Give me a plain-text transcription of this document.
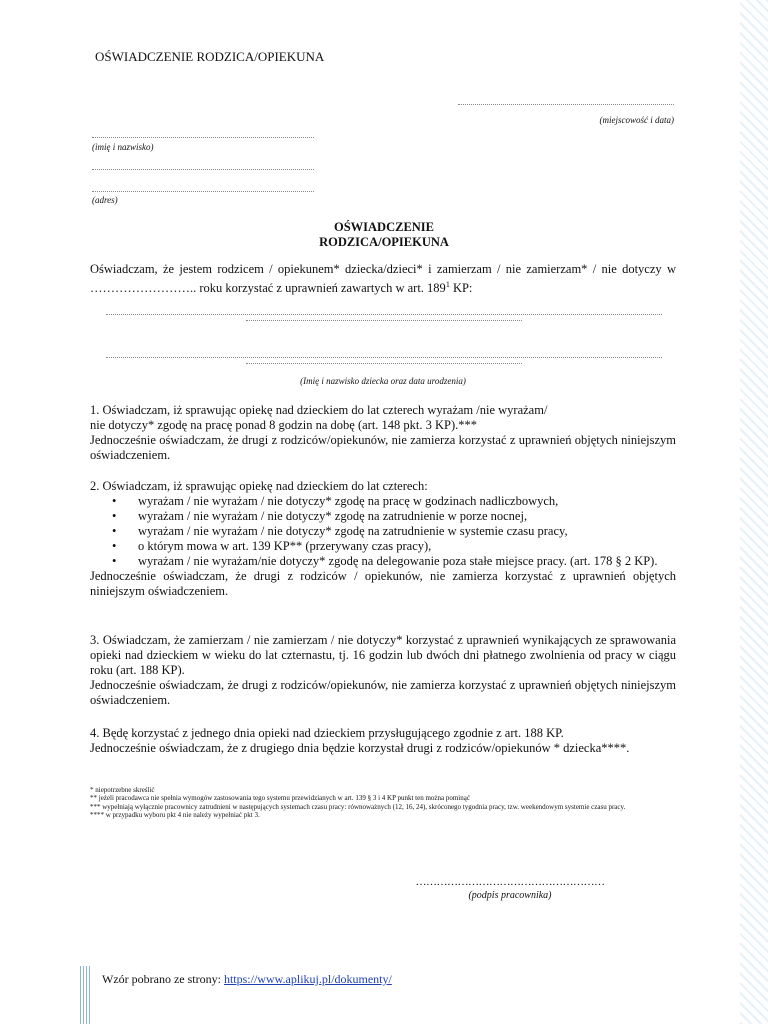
OŚWIADCZENIE RODZICA/OPIEKUNA
(miejscowość i data)
(imię i nazwisko)
(adres)
OŚWIADCZENIE
RODZICA/OPIEKUNA
Oświadczam, że jestem rodzicem / opiekunem* dziecka/dzieci* i zamierzam / nie zamierzam* / nie dotyczy w …………………….. roku korzystać z uprawnień zawartych w art. $189^1$ KP:
(Imię i nazwisko dziecka oraz data urodzenia)

1. Oświadczam, iż sprawując opiekę nad dzieckiem do lat czterech wyrażam /nie wyrażam/

nie dotyczy* zgodę na pracę ponad 8 godzin na dobę (art. 148 pkt. 3 KP).***

Jednocześnie oświadczam, że drugi z rodziców/opiekunów, nie zamierza korzystać z uprawnień objętych niniejszym oświadczeniem.

2. Oświadczam, iż sprawując opiekę nad dzieckiem do lat czterech:

• wyrażam / nie wyrażam / nie dotyczy* zgodę na pracę w godzinach nadliczbowych,
• wyrażam / nie wyrażam / nie dotyczy* zgodę na zatrudnienie w porze nocnej,
• wyrażam / nie wyrażam / nie dotyczy* zgodę na zatrudnienie w systemie czasu pracy,
• o którym mowa w art. 139 KP** (przerywany czas pracy),
• wyrażam / nie wyrażam/nie dotyczy* zgodę na delegowanie poza stałe miejsce pracy. (art. 178 § 2 KP).

Jednocześnie oświadczam, że drugi z rodziców / opiekunów, nie zamierza korzystać z uprawnień objętych niniejszym oświadczeniem.

3. Oświadczam, że zamierzam / nie zamierzam / nie dotyczy* korzystać z uprawnień wynikających ze sprawowania opieki nad dzieckiem w wieku do lat czternastu, tj. 16 godzin lub dwóch dni płatnego zwolnienia od pracy w ciągu roku (art. 188 KP).

Jednocześnie oświadczam, że drugi z rodziców/opiekunów, nie zamierza korzystać z uprawnień objętych niniejszym oświadczeniem.

4. Będę korzystać z jednego dnia opieki nad dzieckiem przysługującego zgodnie z art. 188 KP.

Jednocześnie oświadczam, że z drugiego dnia będzie korzystał drugi z rodziców/opiekunów * dziecka****.

* niepotrzebne skreślić
** jeżeli pracodawca nie spełnia wymogów zastosowania tego systemu przewidzianych w art. 139 § 3 i 4 KP punkt ten można pominąć
*** wypełniają wyłącznie pracownicy zatrudnieni w następujących systemach czasu pracy: równoważnych (12, 16, 24), skróconego tygodnia pracy, tzw. weekendowym systemie czasu pracy.
**** w przypadku wyboru pkt 4 nie należy wypełniać pkt 3.
………………………………………………
(podpis pracownika)
Wzór pobrano ze strony: https://www.aplikuj.pl/dokumenty/
